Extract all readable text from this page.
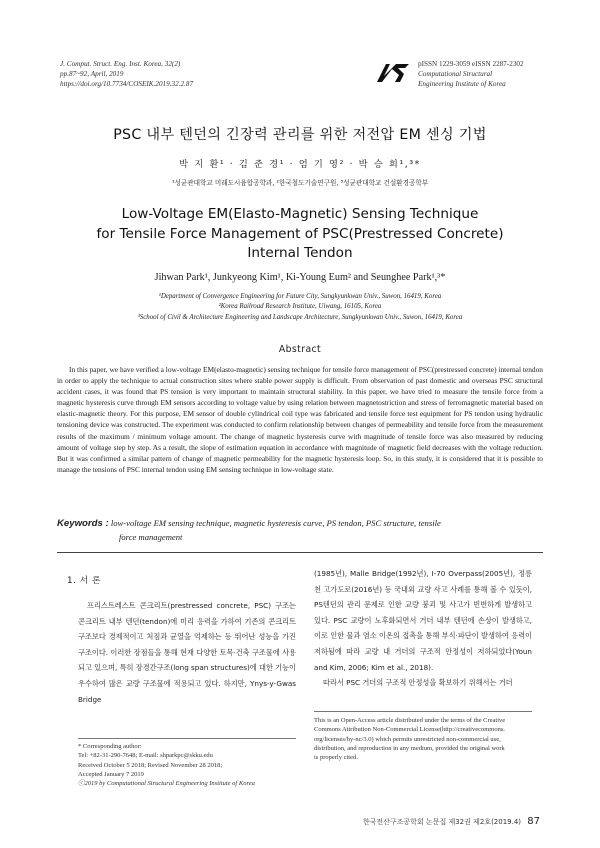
J. Comput. Struct. Eng. Inst. Korea, 32(2)
pp.87~92, April, 2019
https://doi.org/10.7734/COSEIK.2019.32.2.87
pISSN 1229-3059 eISSN 2287-2302
Computational Structural
Engineering Institute of Korea
PSC 내부 텐던의 긴장력 관리를 위한 저전압 EM 센싱 기법
박 지 환¹ · 김 준 경¹ · 엄 기 영² · 박 승 희¹,³*
¹성균관대학교 미래도시융합공학과, ²한국철도기술연구원, ³성균관대학교 건설환경공학부
Low-Voltage EM(Elasto-Magnetic) Sensing Technique
for Tensile Force Management of PSC(Prestressed Concrete)
Internal Tendon
Jihwan Park¹, Junkyeong Kim¹, Ki-Young Eum² and Seunghee Park¹,³*
¹Department of Convergence Engineering for Future City, Sungkyunkwan Univ., Suwon, 16419, Korea
²Korea Railroad Research Institute, Uiwang, 16105, Korea
³School of Civil & Architecture Engineering and Landscape Architecture, Sungkyunkwan Univ., Suwon, 16419, Korea
Abstract
In this paper, we have verified a low-voltage EM(elasto-magnetic) sensing technique for tensile force management of PSC(prestressed concrete) internal tendon in order to apply the technique to actual construction sites where stable power supply is difficult. From observation of past domestic and overseas PSC structural accident cases, it was found that PS tension is very important to maintain structural stability. In this paper, we have tried to measure the tensile force from a magnetic hysteresis curve through EM sensors according to voltage value by using relation between magnetostriction and stress of ferromagnetic material based on elastic-magnetic theory. For this purpose, EM sensor of double cylindrical coil type was fabricated and tensile force test equipment for PS tendon using hydraulic tensioning device was constructed. The experiment was conducted to confirm relationship between changes of permeability and tensile force from the measurement results of the maximum / minimum voltage amount. The change of magnetic hysteresis curve with magnitude of tensile force was also measured by reducing amount of voltage step by step. As a result, the slope of estimation equation in accordance with magnitude of magnetic field decreases with the voltage reduction. But it was confirmed a similar pattern of change of magnetic permeability for the magnetic hysteresis loop. So, in this study, it is considered that it is possible to manage the tensions of PSC internal tendon using EM sensing technique in low-voltage state.
Keywords : low-voltage EM sensing technique, magnetic hysteresis curve, PS tendon, PSC structure, tensile
force management
1. 서 론

프리스트레스트 콘크리트(prestressed concrete, PSC) 구조는 콘크리트 내부 텐던(tendon)에 미리 응력을 가하여 기존의 콘크리트 구조보다 경제적이고 처짐과 균열을 억제하는 등 뛰어난 성능을 가진 구조이다. 이러한 장점들을 통해 현재 다양한 토목·건축 구조물에 사용되고 있으며, 특히 장경간구조(long span structures)에 대한 기능이 우수하여 많은 교량 구조물에 적용되고 있다. 하지만, Ynys-y-Gwas Bridge

(1985년), Malle Bridge(1992년), I-70 Overpass(2005년), 정릉천 고가도로(2016년) 등 국내외 교량 사고 사례를 통해 볼 수 있듯이, PS텐던의 관리 문제로 인한 교량 붕괴 및 사고가 빈번하게 발생하고 있다. PSC 교량이 노후화되면서 거더 내부 텐던에 손상이 발생하고, 이로 인한 물과 염소 이온의 접촉을 통해 부식·파단이 발생하여 응력이 저하됨에 따라 교량 내 거더의 구조적 안정성이 저하되었다(Youn and Kim, 2006; Kim et al., 2018).

따라서 PSC 거더의 구조적 안정성을 확보하기 위해서는 거더

* Corresponding author:
Tel: +82-31-290-7648; E-mail: shparkpc@skku.edu
Received October 5 2018; Revised November 28 2018;
Accepted January 7 2019
ⓒ2019 by Computational Structural Engineering Institute of Korea
This is an Open-Access article distributed under the terms of the Creative
Commons Attribution Non-Commercial License(http://creativecommons.
org/licenses/by-nc/3.0) which permits unrestricted non-commercial use,
distribution, and reproduction in any medium, provided the original work
is properly cited.
한국전산구조공학회 논문집 제32권 제2호(2019.4) 87
